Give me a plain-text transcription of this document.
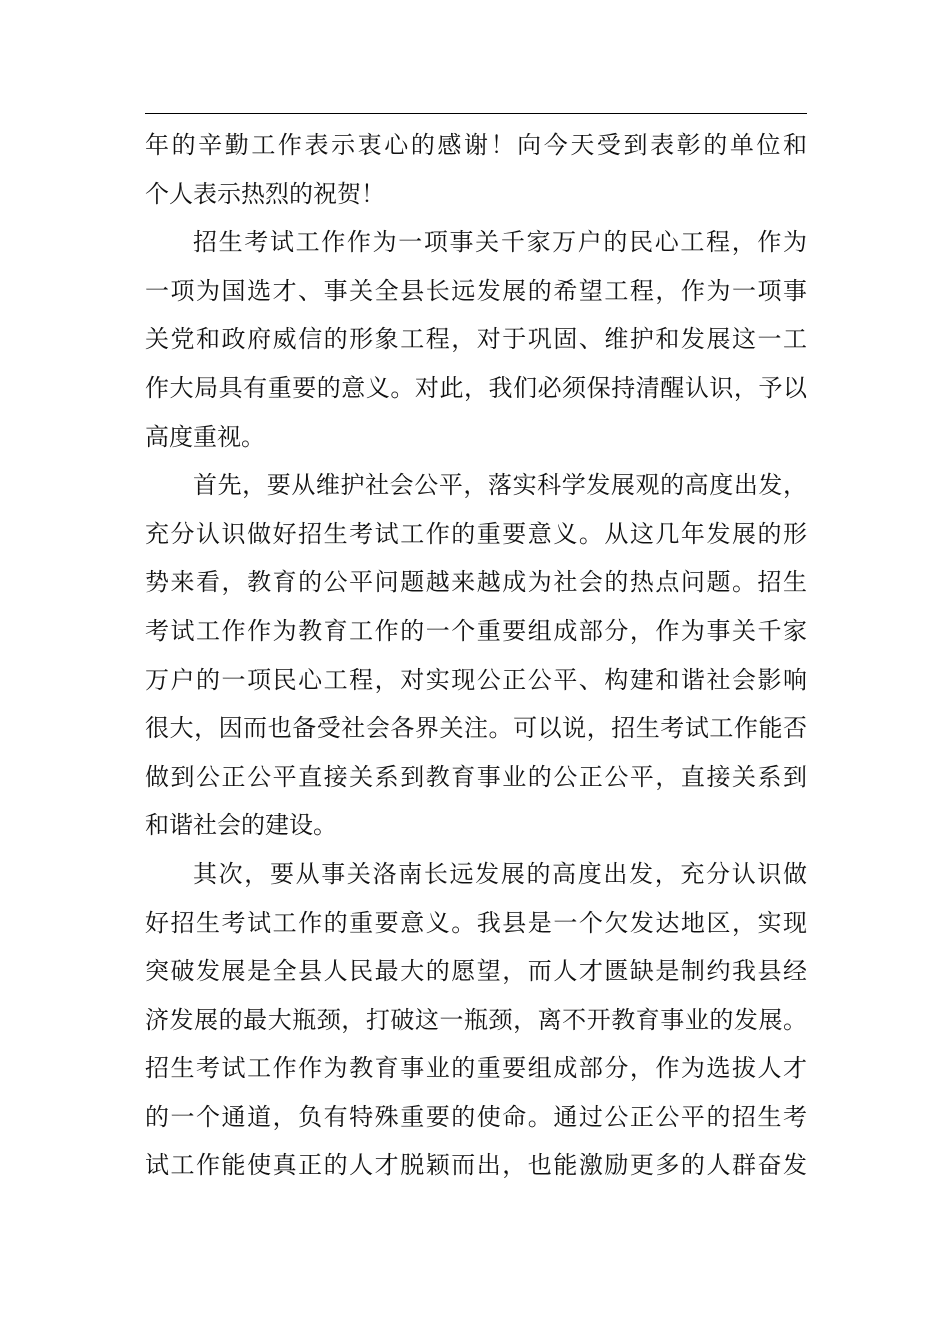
年的辛勤工作表示衷心的感谢！向今天受到表彰的单位和
个人表示热烈的祝贺！

招生考试工作作为一项事关千家万户的民心工程，作为
一项为国选才、事关全县长远发展的希望工程，作为一项事
关党和政府威信的形象工程，对于巩固、维护和发展这一工
作大局具有重要的意义。对此，我们必须保持清醒认识，予以
高度重视。

首先，要从维护社会公平，落实科学发展观的高度出发，
充分认识做好招生考试工作的重要意义。从这几年发展的形
势来看，教育的公平问题越来越成为社会的热点问题。招生
考试工作作为教育工作的一个重要组成部分，作为事关千家
万户的一项民心工程，对实现公正公平、构建和谐社会影响
很大，因而也备受社会各界关注。可以说，招生考试工作能否
做到公正公平直接关系到教育事业的公正公平，直接关系到
和谐社会的建设。

其次，要从事关洛南长远发展的高度出发，充分认识做
好招生考试工作的重要意义。我县是一个欠发达地区，实现
突破发展是全县人民最大的愿望，而人才匮缺是制约我县经
济发展的最大瓶颈，打破这一瓶颈，离不开教育事业的发展。
招生考试工作作为教育事业的重要组成部分，作为选拔人才
的一个通道，负有特殊重要的使命。通过公正公平的招生考
试工作能使真正的人才脱颖而出，也能激励更多的人群奋发
